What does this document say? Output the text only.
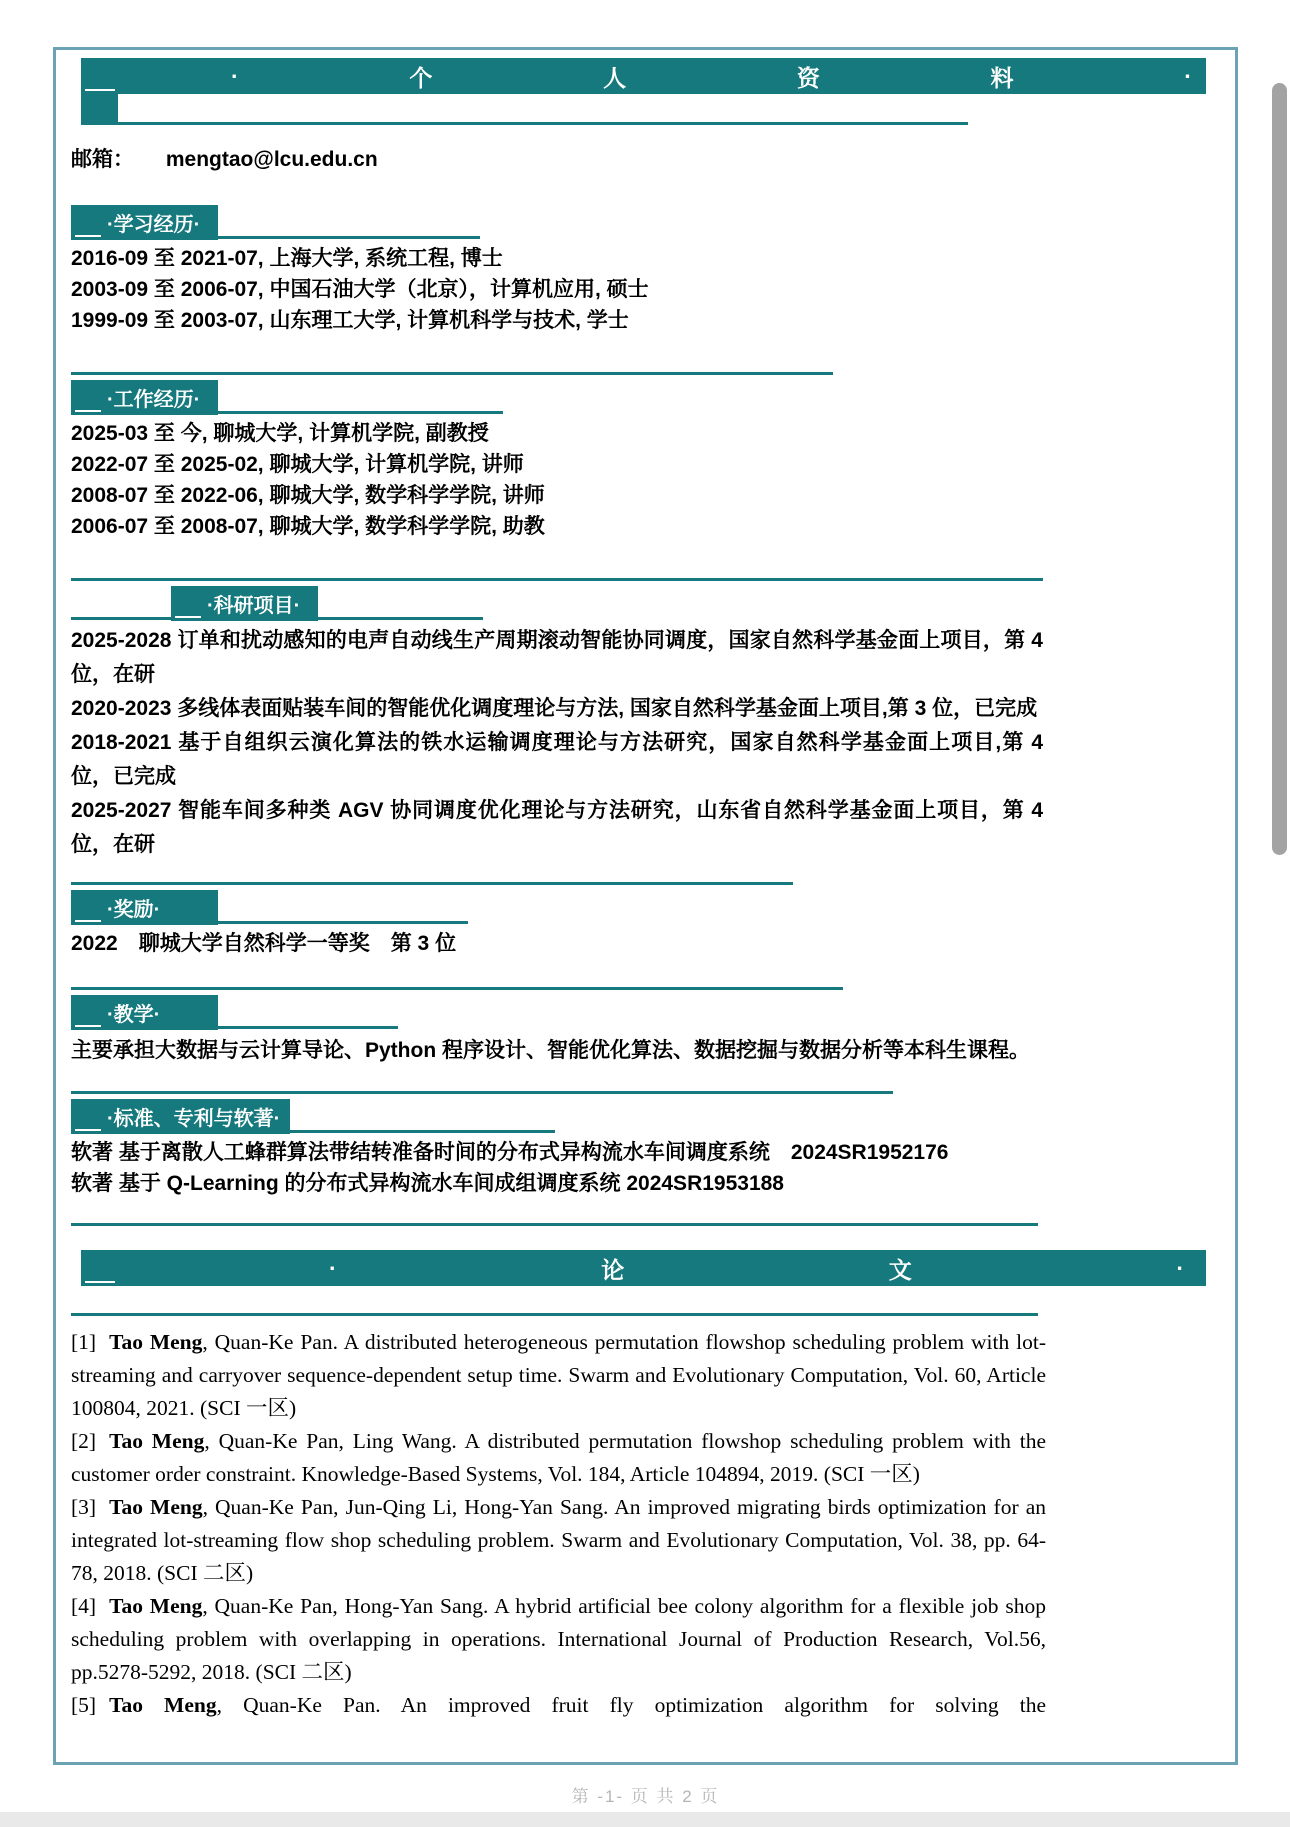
·	个	人	资	料	·

邮箱： mengtao@lcu.edu.cn

·学习经历·

2016-09 至 2021-07, 上海大学, 系统工程, 博士

2003-09 至 2006-07, 中国石油大学（北京），计算机应用, 硕士

1999-09 至 2003-07, 山东理工大学, 计算机科学与技术, 学士

·工作经历·

2025-03 至 今, 聊城大学, 计算机学院, 副教授

2022-07 至 2025-02, 聊城大学, 计算机学院, 讲师

2008-07 至 2022-06, 聊城大学, 数学科学学院, 讲师

2006-07 至 2008-07, 聊城大学, 数学科学学院, 助教

·科研项目·

2025-2028 订单和扰动感知的电声自动线生产周期滚动智能协同调度，国家自然科学基金面上项目，第 4 位，在研

2020-2023 多线体表面贴装车间的智能优化调度理论与方法, 国家自然科学基金面上项目,第 3 位，已完成

2018-2021 基于自组织云演化算法的铁水运输调度理论与方法研究，国家自然科学基金面上项目,第 4 位，已完成

2025-2027 智能车间多种类 AGV 协同调度优化理论与方法研究，山东省自然科学基金面上项目，第 4 位，在研

·奖励·

2022　聊城大学自然科学一等奖　第 3 位

·教学·

主要承担大数据与云计算导论、Python 程序设计、智能优化算法、数据挖掘与数据分析等本科生课程。

·标准、专利与软著·

软著 基于离散人工蜂群算法带结转准备时间的分布式异构流水车间调度系统　2024SR1952176

软著 基于 Q-Learning 的分布式异构流水车间成组调度系统 2024SR1953188

·	论	文	·

[1] Tao Meng, Quan-Ke Pan. A distributed heterogeneous permutation flowshop scheduling problem with lot-streaming and carryover sequence-dependent setup time. Swarm and Evolutionary Computation, Vol. 60, Article 100804, 2021. (SCI 一区)

[2] Tao Meng, Quan-Ke Pan, Ling Wang. A distributed permutation flowshop scheduling problem with the customer order constraint. Knowledge-Based Systems, Vol. 184, Article 104894, 2019. (SCI 一区)

[3] Tao Meng, Quan-Ke Pan, Jun-Qing Li, Hong-Yan Sang. An improved migrating birds optimization for an integrated lot-streaming flow shop scheduling problem. Swarm and Evolutionary Computation, Vol. 38, pp. 64-78, 2018. (SCI 二区)

[4] Tao Meng, Quan-Ke Pan, Hong-Yan Sang. A hybrid artificial bee colony algorithm for a flexible job shop scheduling problem with overlapping in operations. International Journal of Production Research, Vol.56, pp.5278-5292, 2018. (SCI 二区)

[5] Tao Meng, Quan-Ke Pan. An improved fruit fly optimization algorithm for solving the

第 -1- 页 共 2 页
